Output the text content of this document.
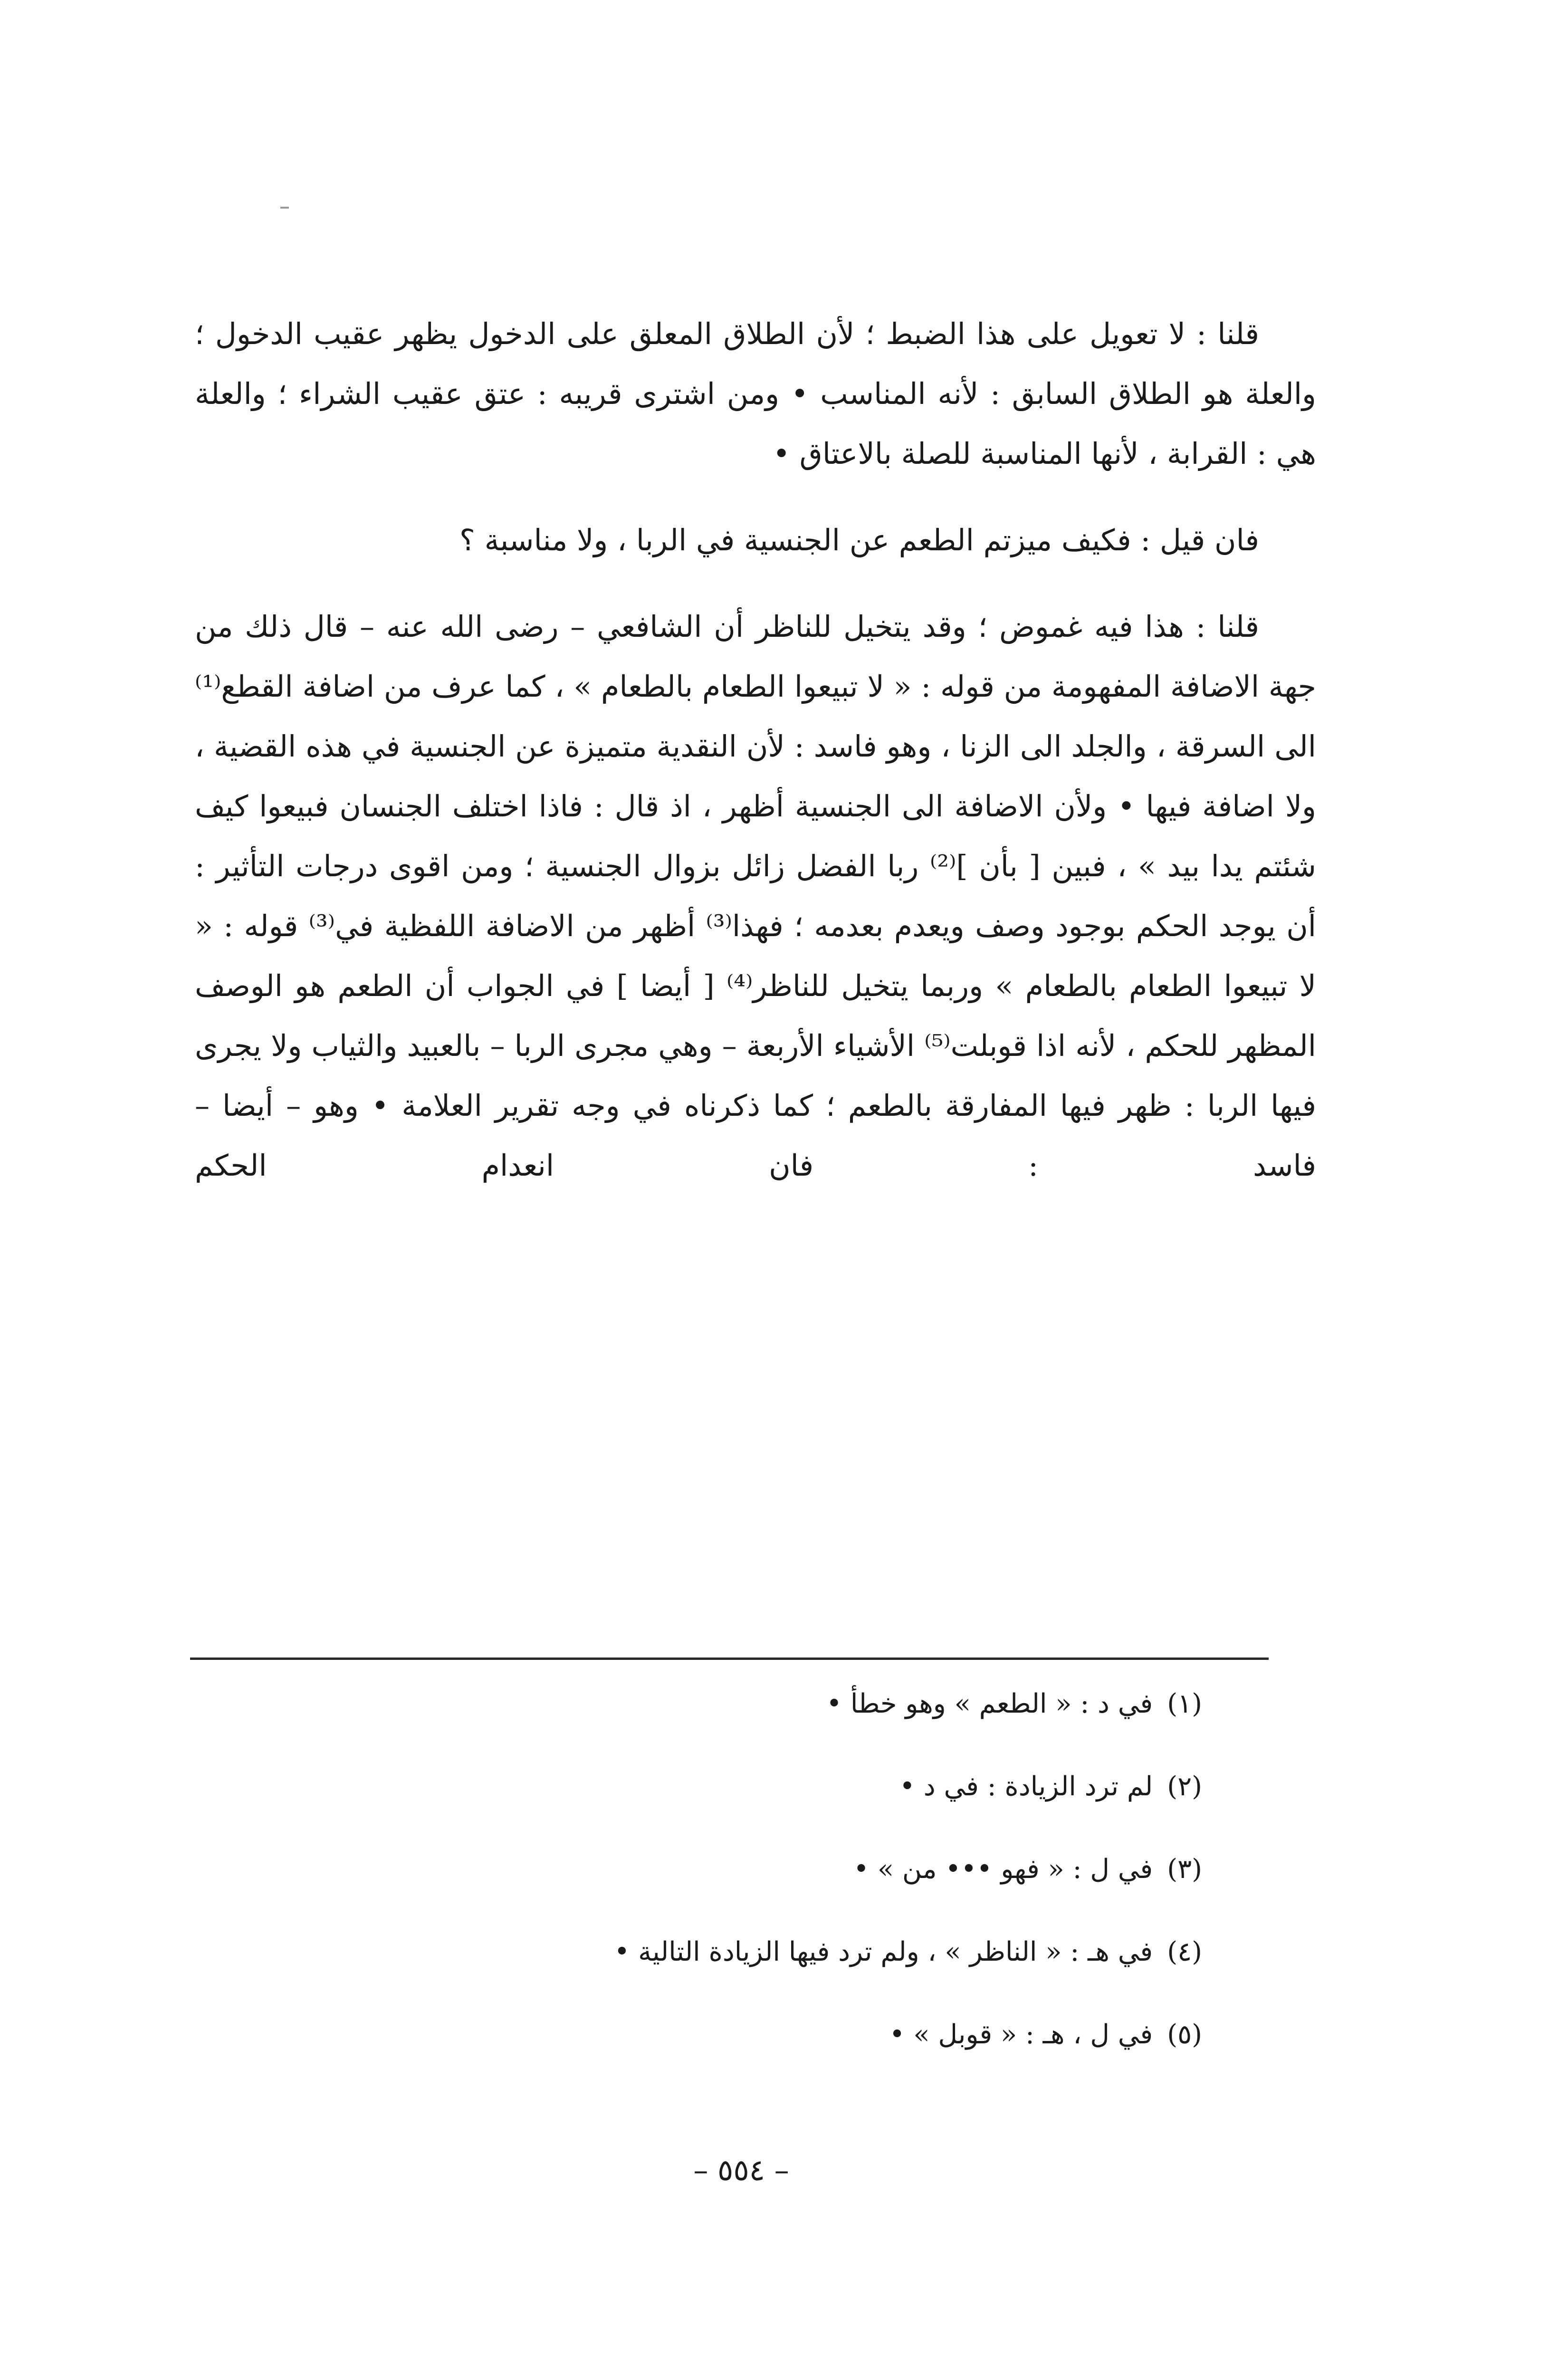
قلنا : لا تعويل على هذا الضبط ؛ لأن الطلاق المعلق على الدخول يظهر عقيب الدخول ؛ والعلة هو الطلاق السابق : لأنه المناسب • ومن اشترى قريبه : عتق عقيب الشراء ؛ والعلة هي : القرابة ، لأنها المناسبة للصلة بالاعتاق •

فان قيل : فكيف ميزتم الطعم عن الجنسية في الربا ، ولا مناسبة ؟

قلنا : هذا فيه غموض ؛ وقد يتخيل للناظر أن الشافعي – رضى الله عنه – قال ذلك من جهة الاضافة المفهومة من قوله : « لا تبيعوا الطعام بالطعام » ، كما عرف من اضافة القطع⁽¹⁾ الى السرقة ، والجلد الى الزنا ، وهو فاسد : لأن النقدية متميزة عن الجنسية في هذه القضية ، ولا اضافة فيها • ولأن الاضافة الى الجنسية أظهر ، اذ قال : فاذا اختلف الجنسان فبيعوا كيف شئتم يدا بيد » ، فبين [ بأن ]⁽²⁾ ربا الفضل زائل بزوال الجنسية ؛ ومن اقوى درجات التأثير : أن يوجد الحكم بوجود وصف ويعدم بعدمه ؛ فهذا⁽³⁾ أظهر من الاضافة اللفظية في⁽³⁾ قوله : « لا تبيعوا الطعام بالطعام » وربما يتخيل للناظر⁽⁴⁾ [ أيضا ] في الجواب أن الطعم هو الوصف المظهر للحكم ، لأنه اذا قوبلت⁽⁵⁾ الأشياء الأربعة – وهي مجرى الربا – بالعبيد والثياب ولا يجرى فيها الربا : ظهر فيها المفارقة بالطعم ؛ كما ذكرناه في وجه تقرير العلامة • وهو – أيضا – فاسد : فان انعدام الحكم

(١)في د : « الطعم » وهو خطأ •
(٢)لم ترد الزيادة : في د •
(٣)في ل : « فهو ••• من » •
(٤)في هـ : « الناظر » ، ولم ترد فيها الزيادة التالية •
(٥)في ل ، هـ : « قوبل » •
– ٥٥٤ –
